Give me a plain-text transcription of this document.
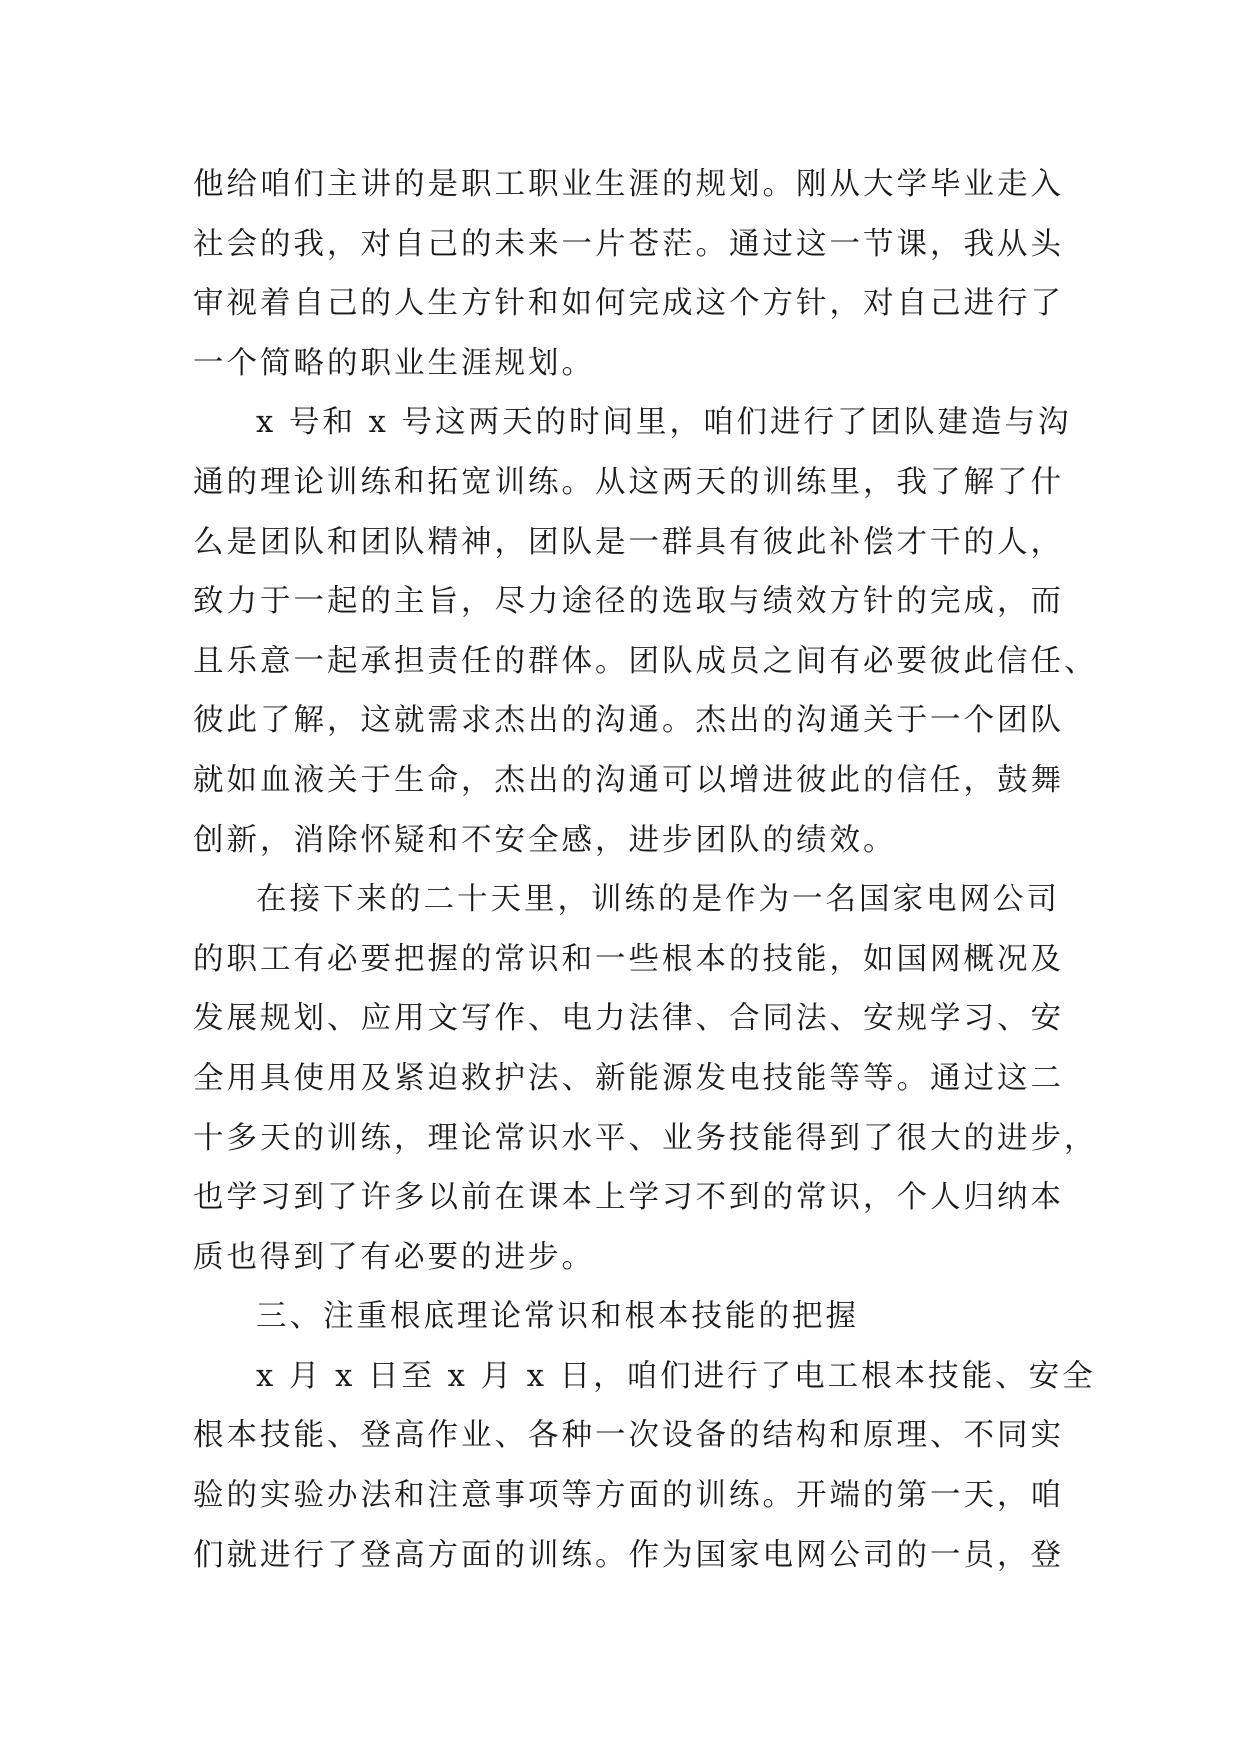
他给咱们主讲的是职工职业生涯的规划。刚从大学毕业走入
社会的我，对自己的未来一片苍茫。通过这一节课，我从头
审视着自己的人生方针和如何完成这个方针，对自己进行了
一个简略的职业生涯规划。
x 号和 x 号这两天的时间里，咱们进行了团队建造与沟
通的理论训练和拓宽训练。从这两天的训练里，我了解了什
么是团队和团队精神，团队是一群具有彼此补偿才干的人，
致力于一起的主旨，尽力途径的选取与绩效方针的完成，而
且乐意一起承担责任的群体。团队成员之间有必要彼此信任、
彼此了解，这就需求杰出的沟通。杰出的沟通关于一个团队
就如血液关于生命，杰出的沟通可以增进彼此的信任，鼓舞
创新，消除怀疑和不安全感，进步团队的绩效。
在接下来的二十天里，训练的是作为一名国家电网公司
的职工有必要把握的常识和一些根本的技能，如国网概况及
发展规划、应用文写作、电力法律、合同法、安规学习、安
全用具使用及紧迫救护法、新能源发电技能等等。通过这二
十多天的训练，理论常识水平、业务技能得到了很大的进步，
也学习到了许多以前在课本上学习不到的常识，个人归纳本
质也得到了有必要的进步。
三、注重根底理论常识和根本技能的把握
x 月 x 日至 x 月 x 日，咱们进行了电工根本技能、安全
根本技能、登高作业、各种一次设备的结构和原理、不同实
验的实验办法和注意事项等方面的训练。开端的第一天，咱
们就进行了登高方面的训练。作为国家电网公司的一员，登
